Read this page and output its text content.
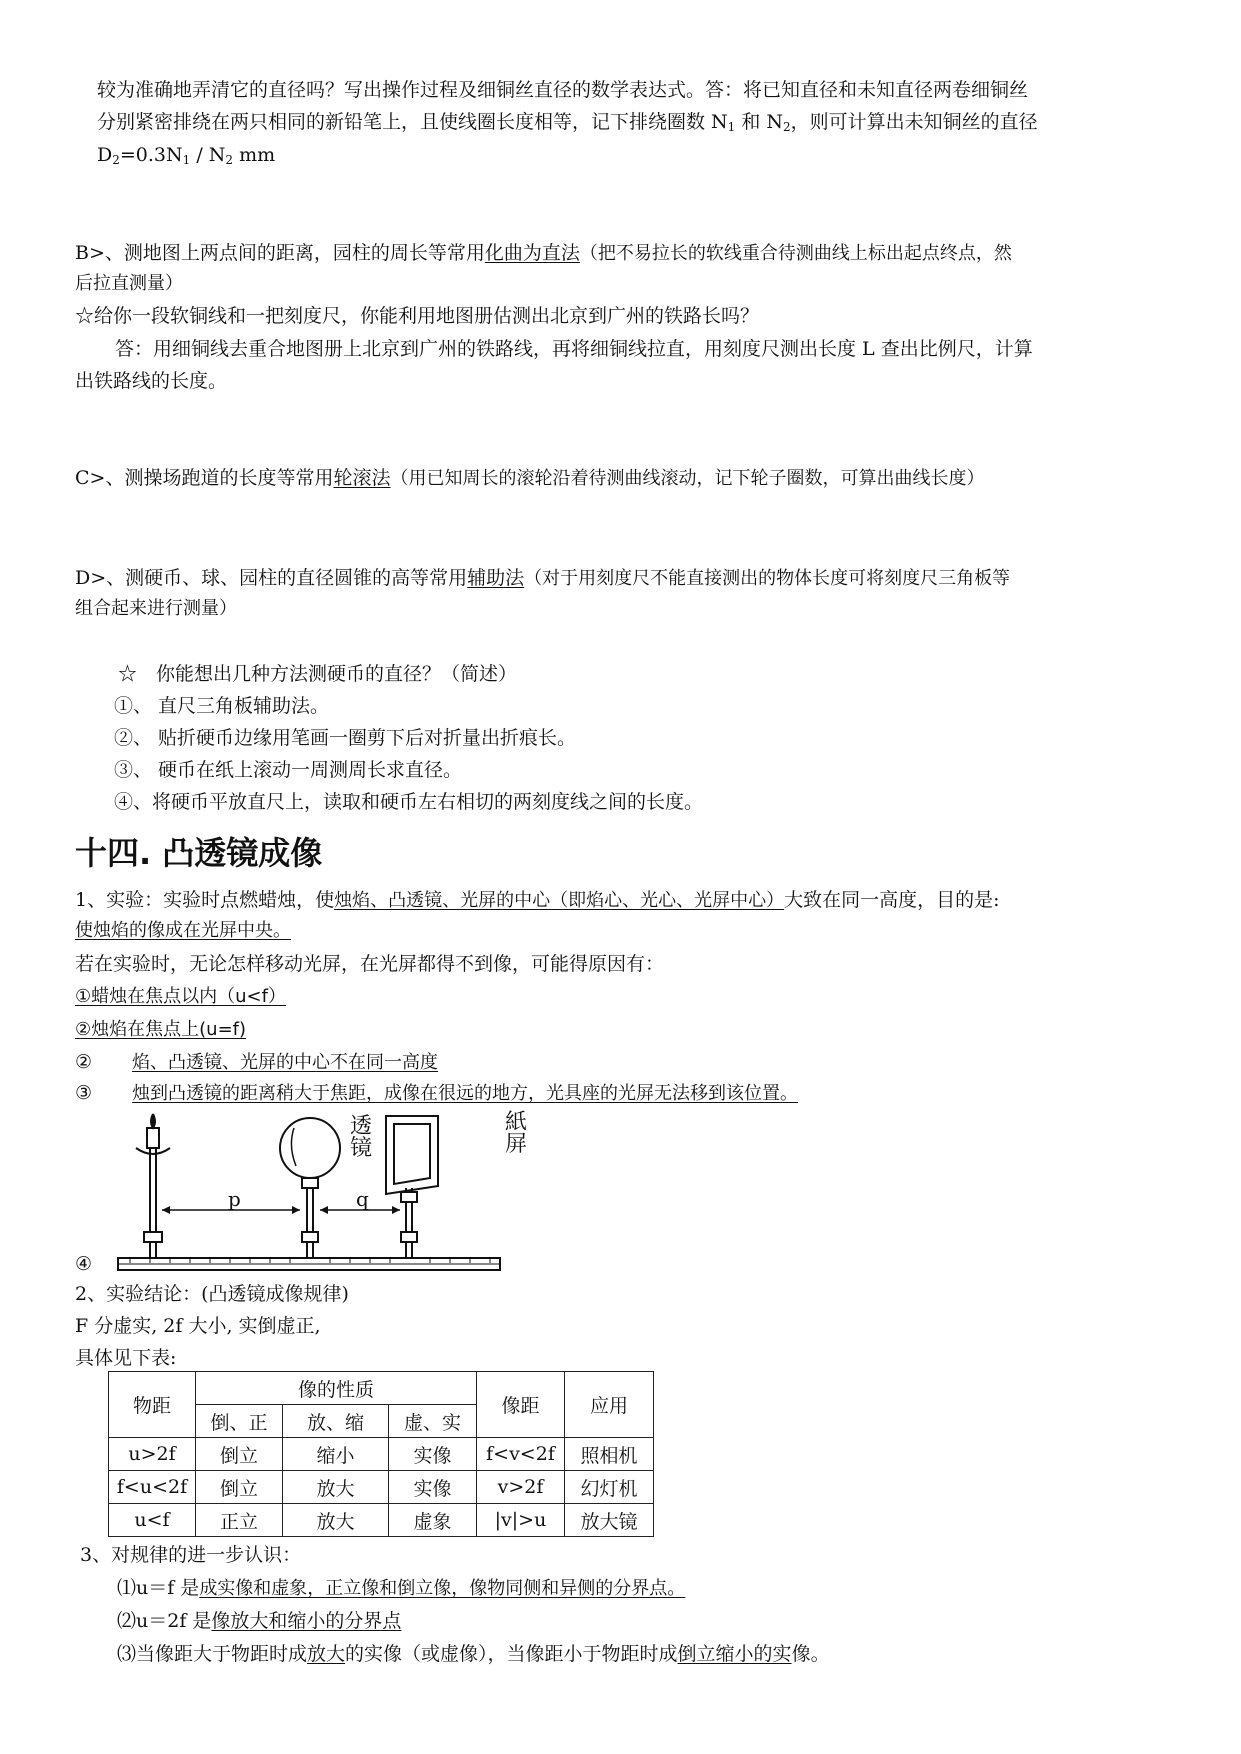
较为准确地弄清它的直径吗？写出操作过程及细铜丝直径的数学表达式。答：将已知直径和未知直径两卷细铜丝
分别紧密排绕在两只相同的新铅笔上，且使线圈长度相等，记下排绕圈数 $N_1$ 和 $N_2$，则可计算出未知铜丝的直径
$D_2=0.3N_1 / N_2$ mm
B>、测地图上两点间的距离，园柱的周长等常用化曲为直法（把不易拉长的软线重合待测曲线上标出起点终点，然
后拉直测量）
☆给你一段软铜线和一把刻度尺，你能利用地图册估测出北京到广州的铁路长吗？
答：用细铜线去重合地图册上北京到广州的铁路线，再将细铜线拉直，用刻度尺测出长度 L 查出比例尺，计算
出铁路线的长度。
C>、测操场跑道的长度等常用轮滚法（用已知周长的滚轮沿着待测曲线滚动，记下轮子圈数，可算出曲线长度）
D>、测硬币、球、园柱的直径圆锥的高等常用辅助法（对于用刻度尺不能直接测出的物体长度可将刻度尺三角板等
组合起来进行测量）
☆　你能想出几种方法测硬币的直径？（简述）
①、 直尺三角板辅助法。
②、 贴折硬币边缘用笔画一圈剪下后对折量出折痕长。
③、 硬币在纸上滚动一周测周长求直径。
④、将硬币平放直尺上，读取和硬币左右相切的两刻度线之间的长度。
十四. 凸透镜成像
1、实验：实验时点燃蜡烛，使烛焰、凸透镜、光屏的中心（即焰心、光心、光屏中心）大致在同一高度，目的是:
使烛焰的像成在光屏中央。
若在实验时，无论怎样移动光屏，在光屏都得不到像，可能得原因有：
①蜡烛在焦点以内（u<f）
②烛焰在焦点上(u=f)
② 焰、凸透镜、光屏的中心不在同一高度
③ 烛到凸透镜的距离稍大于焦距，成像在很远的地方，光具座的光屏无法移到该位置。
④
p	q
透镜
紙屏
2、实验结论：(凸透镜成像规律)
F 分虚实, 2f 大小, 实倒虚正,
具体见下表:
物距	像的性质			像距	应用
	倒、正	放、缩	虚、实		
u>2f	倒立	缩小	实像	f<v<2f	照相机
f<u<2f	倒立	放大	实像	v>2f	幻灯机
u<f	正立	放大	虚象	|v|>u	放大镜
3、对规律的进一步认识：
⑴u＝f 是成实像和虚象，正立像和倒立像，像物同侧和异侧的分界点。
⑵u＝2f 是像放大和缩小的分界点
⑶当像距大于物距时成放大的实像（或虚像），当像距小于物距时成倒立缩小的实像。
